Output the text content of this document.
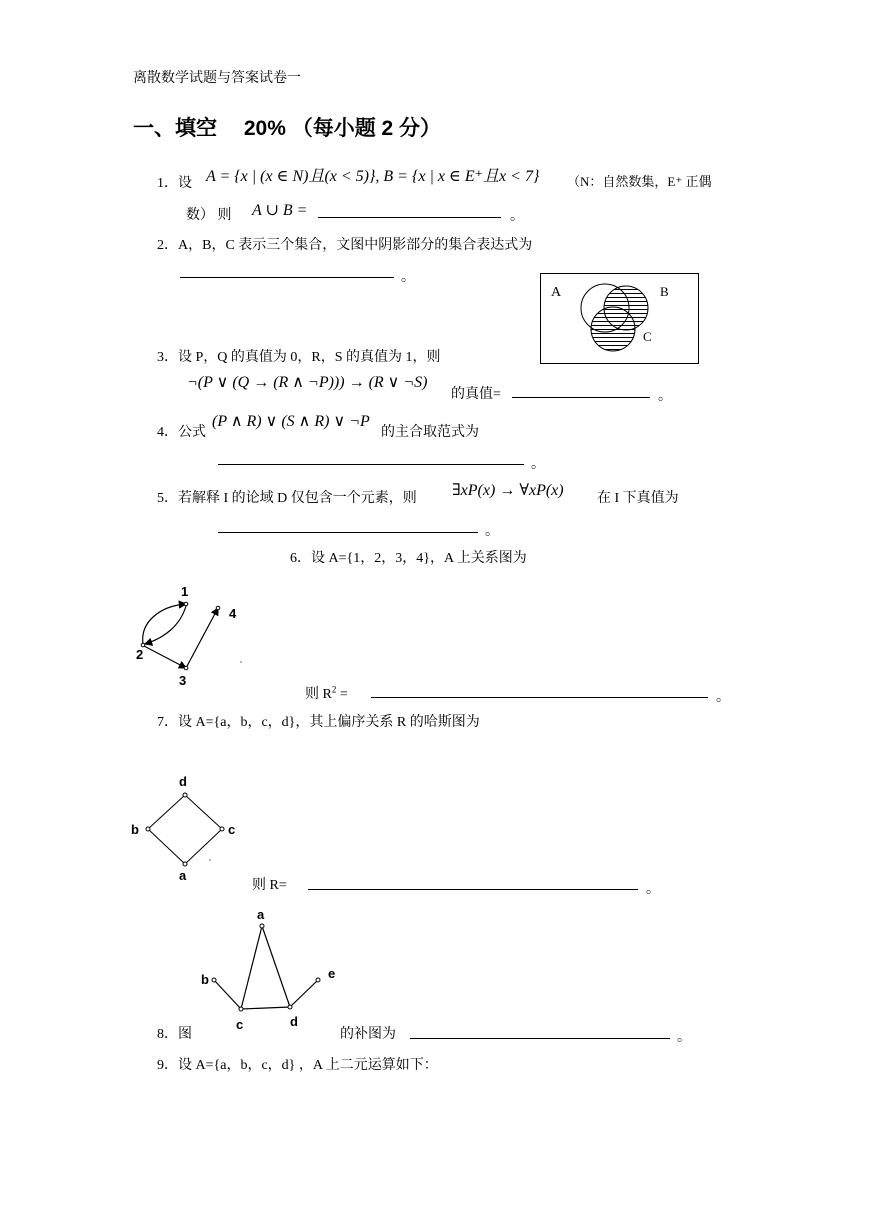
离散数学试题与答案试卷一
一、填空　 20% （每小题 2 分）
1．设 A = {x | (x ∈ N)且(x < 5)}, B = {x | x ∈ E⁺且x < 7} （N：自然数集，E⁺ 正偶
数） 则 A ∪ B =	。
2．A，B，C 表示三个集合，文图中阴影部分的集合表达式为
。
A	B
C
3．设 P，Q 的真值为 0，R，S 的真值为 1，则
¬(P ∨ (Q → (R ∧ ¬P))) → (R ∨ ¬S)
的真值=	。
4．公式
(P ∧ R) ∨ (S ∧ R) ∨ ¬P
的主合取范式为
。
5．若解释 I 的论域 D 仅包含一个元素，则 ∃xP(x) → ∀xP(x) 在 I 下真值为
。
6．设 A={1，2，3，4}，A 上关系图为
1
2
3
4
则 $R^2$ =	。
7．设 A={a，b，c，d}，其上偏序关系 R 的哈斯图为
d
b	c
a
则 R=	。
a
b
c	d
e
8．图	的补图为	。
9．设 A={a，b，c，d} ，A 上二元运算如下：
